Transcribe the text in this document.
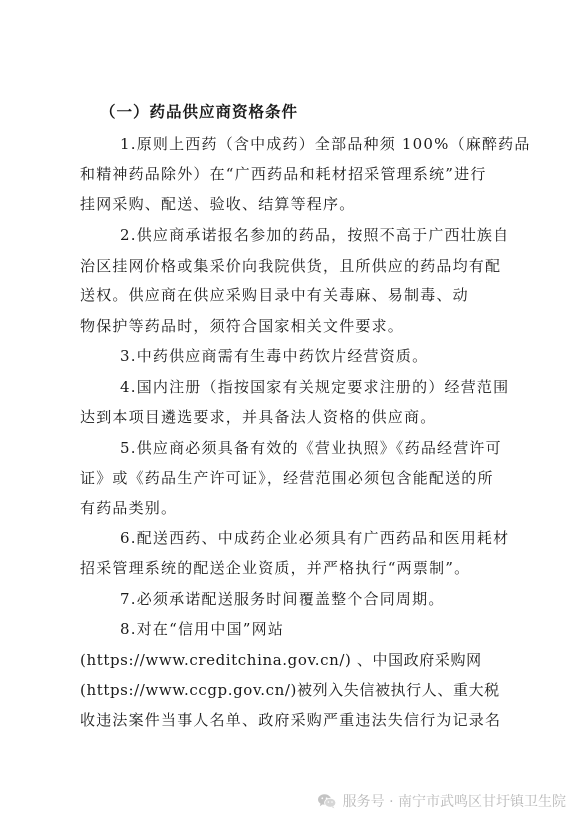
（一）药品供应商资格条件
1.原则上西药（含中成药）全部品种须 100%（麻醉药品
和精神药品除外）在“广西药品和耗材招采管理系统”进行
挂网采购、配送、验收、结算等程序。
2.供应商承诺报名参加的药品，按照不高于广西壮族自
治区挂网价格或集采价向我院供货，且所供应的药品均有配
送权。供应商在供应采购目录中有关毒麻、易制毒、动
物保护等药品时，须符合国家相关文件要求。
3.中药供应商需有生毒中药饮片经营资质。
4.国内注册（指按国家有关规定要求注册的）经营范围
达到本项目遴选要求，并具备法人资格的供应商。
5.供应商必须具备有效的《营业执照》《药品经营许可
证》或《药品生产许可证》，经营范围必须包含能配送的所
有药品类别。
6.配送西药、中成药企业必须具有广西药品和医用耗材
招采管理系统的配送企业资质，并严格执行“两票制”。
7.必须承诺配送服务时间覆盖整个合同周期。
8.对在“信用中国”网站
(https://www.creditchina.gov.cn/) 、中国政府采购网
(https://www.ccgp.gov.cn/)被列入失信被执行人、重大税
收违法案件当事人名单、政府采购严重违法失信行为记录名
服务号 · 南宁市武鸣区甘圩镇卫生院
